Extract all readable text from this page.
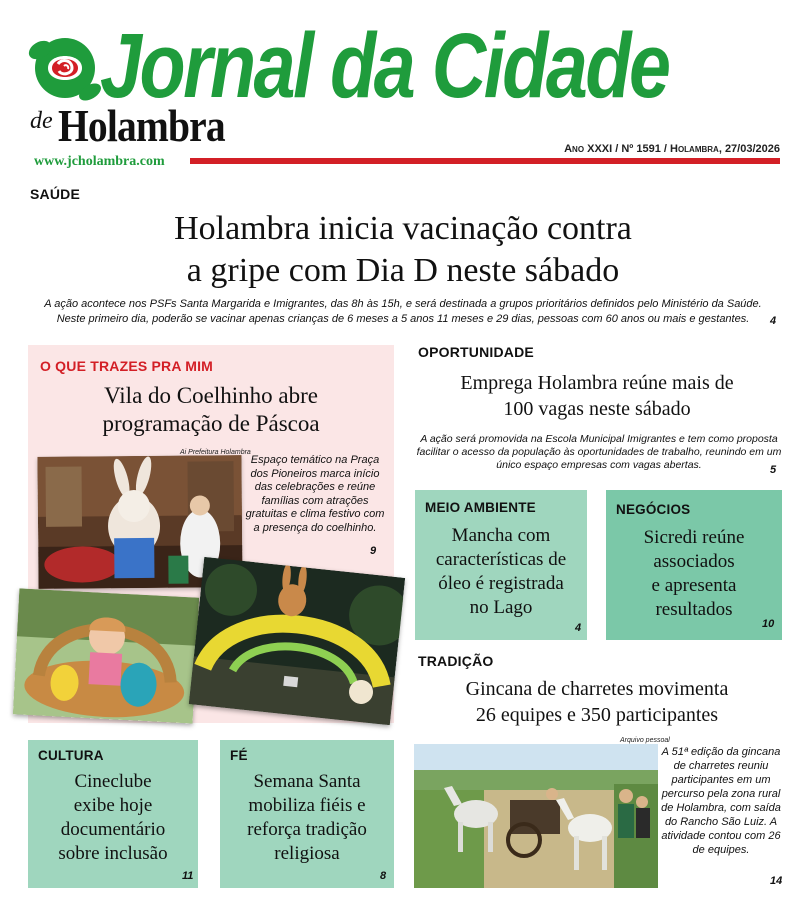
Jornal da Cidade
de Holambra
www.jcholambra.com
Ano XXXI / Nº 1591 / Holambra, 27/03/2026
SAÚDE
Holambra inicia vacinação contra
a gripe com Dia D neste sábado
A ação acontece nos PSFs Santa Margarida e Imigrantes, das 8h às 15h, e será destinada a grupos prioritários definidos pelo Ministério da Saúde.
Neste primeiro dia, poderão se vacinar apenas crianças de 6 meses a 5 anos 11 meses e 29 dias, pessoas com 60 anos ou mais e gestantes.	4
O QUE TRAZES PRA MIM
Vila do Coelhinho abre
programação de Páscoa
Ai Prefeitura Holambra
Espaço temático na Praça dos Pioneiros marca início das celebrações e reúne famílias com atrações gratuitas e clima festivo com a presença do coelhinho.
9
OPORTUNIDADE
Emprega Holambra reúne mais de
100 vagas neste sábado
A ação será promovida na Escola Municipal Imigrantes e tem como proposta facilitar o acesso da população às oportunidades de trabalho, reunindo em um único espaço empresas com vagas abertas.	5
MEIO AMBIENTE
Mancha com
características de
óleo é registrada
no Lago
4
NEGÓCIOS
Sicredi reúne
associados
e apresenta
resultados
10
TRADIÇÃO
Gincana de charretes movimenta
26 equipes e 350 participantes
Arquivo pessoal
A 51ª edição da gincana de charretes reuniu participantes em um percurso pela zona rural de Holambra, com saída do Rancho São Luiz. A atividade contou com 26 de equipes.
14
CULTURA
Cineclube
exibe hoje
documentário
sobre inclusão
11
FÉ
Semana Santa
mobiliza fiéis e
reforça tradição
religiosa
8
